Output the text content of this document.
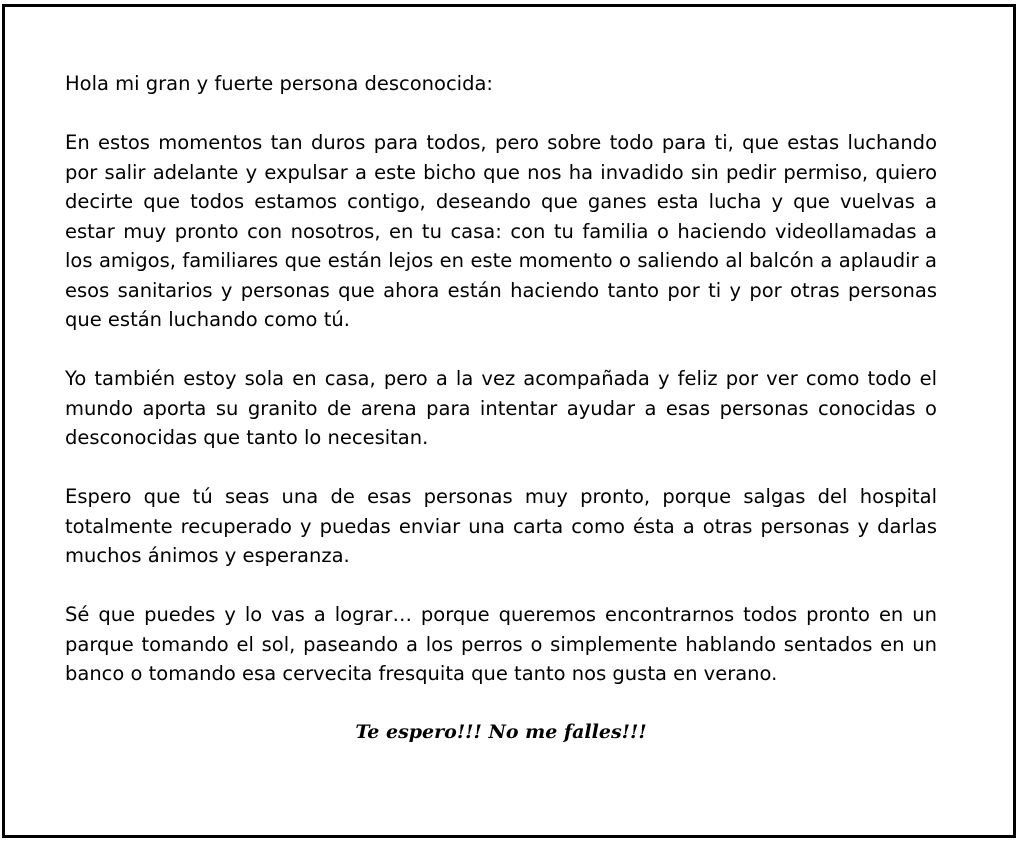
Hola mi gran y fuerte persona desconocida:

En estos momentos tan duros para todos, pero sobre todo para ti, que estas luchando por salir adelante y expulsar a este bicho que nos ha invadido sin pedir permiso, quiero decirte que todos estamos contigo, deseando que ganes esta lucha y que vuelvas a estar muy pronto con nosotros, en tu casa: con tu familia o haciendo videollamadas a los amigos, familiares que están lejos en este momento o saliendo al balcón a aplaudir a esos sanitarios y personas que ahora están haciendo tanto por ti y por otras personas que están luchando como tú.

Yo también estoy sola en casa, pero a la vez acompañada y feliz por ver como todo el mundo aporta su granito de arena para intentar ayudar a esas personas conocidas o desconocidas que tanto lo necesitan.

Espero que tú seas una de esas personas muy pronto, porque salgas del hospital totalmente recuperado y puedas enviar una carta como ésta a otras personas y darlas muchos ánimos y esperanza.

Sé que puedes y lo vas a lograr… porque queremos encontrarnos todos pronto en un parque tomando el sol, paseando a los perros o simplemente hablando sentados en un banco o tomando esa cervecita fresquita que tanto nos gusta en verano.

Te espero!!! No me falles!!!
